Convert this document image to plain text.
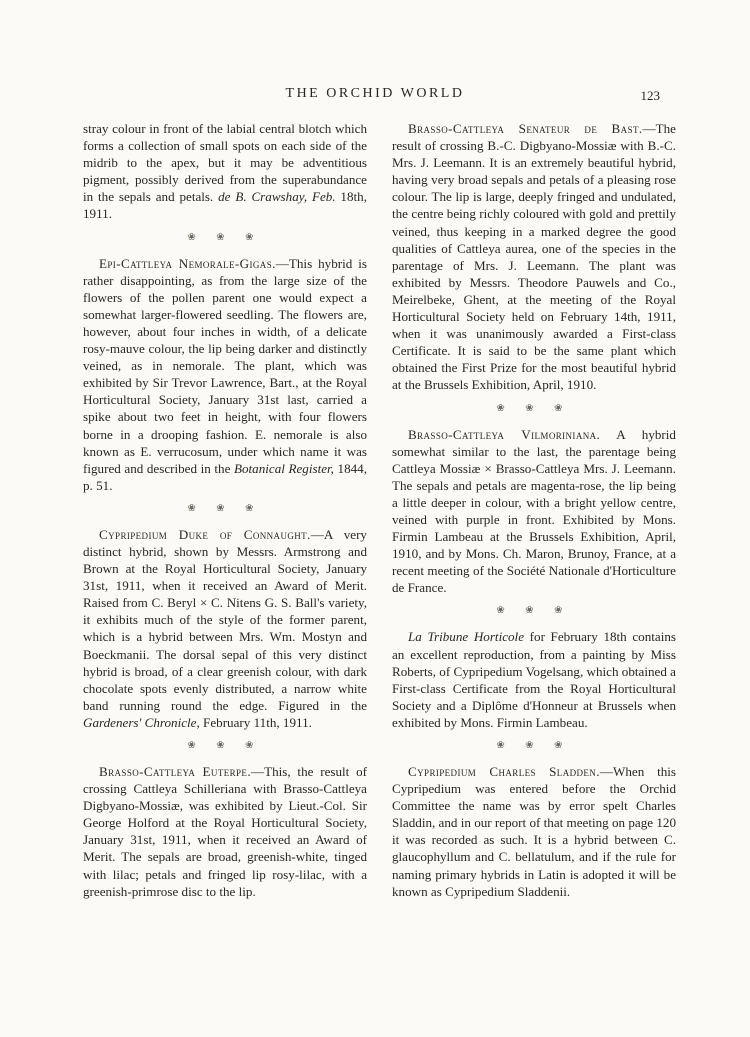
THE ORCHID WORLD	123

stray colour in front of the labial central blotch which forms a collection of small spots on each side of the midrib to the apex, but it may be adventitious pigment, possibly derived from the superabundance in the sepals and petals. de B. Crawshay, Feb. 18th, 1911.

❀ ❀ ❀

Epi-Cattleya Nemorale-Gigas.—This hybrid is rather disappointing, as from the large size of the flowers of the pollen parent one would expect a somewhat larger-flowered seedling. The flowers are, however, about four inches in width, of a delicate rosy-mauve colour, the lip being darker and distinctly veined, as in nemorale. The plant, which was exhibited by Sir Trevor Lawrence, Bart., at the Royal Horticultural Society, January 31st last, carried a spike about two feet in height, with four flowers borne in a drooping fashion. E. nemorale is also known as E. verrucosum, under which name it was figured and described in the Botanical Register, 1844, p. 51.

❀ ❀ ❀

Cypripedium Duke of Connaught.—A very distinct hybrid, shown by Messrs. Armstrong and Brown at the Royal Horticultural Society, January 31st, 1911, when it received an Award of Merit. Raised from C. Beryl × C. Nitens G. S. Ball's variety, it exhibits much of the style of the former parent, which is a hybrid between Mrs. Wm. Mostyn and Boeckmanii. The dorsal sepal of this very distinct hybrid is broad, of a clear greenish colour, with dark chocolate spots evenly distributed, a narrow white band running round the edge. Figured in the Gardeners' Chronicle, February 11th, 1911.

❀ ❀ ❀

Brasso-Cattleya Euterpe.—This, the result of crossing Cattleya Schilleriana with Brasso-Cattleya Digbyano-Mossiæ, was exhibited by Lieut.-Col. Sir George Holford at the Royal Horticultural Society, January 31st, 1911, when it received an Award of Merit. The sepals are broad, greenish-white, tinged with lilac; petals and fringed lip rosy-lilac, with a greenish-primrose disc to the lip.

Brasso-Cattleya Senateur de Bast.—The result of crossing B.-C. Digbyano-Mossiæ with B.-C. Mrs. J. Leemann. It is an extremely beautiful hybrid, having very broad sepals and petals of a pleasing rose colour. The lip is large, deeply fringed and undulated, the centre being richly coloured with gold and prettily veined, thus keeping in a marked degree the good qualities of Cattleya aurea, one of the species in the parentage of Mrs. J. Leemann. The plant was exhibited by Messrs. Theodore Pauwels and Co., Meirelbeke, Ghent, at the meeting of the Royal Horticultural Society held on February 14th, 1911, when it was unanimously awarded a First-class Certificate. It is said to be the same plant which obtained the First Prize for the most beautiful hybrid at the Brussels Exhibition, April, 1910.

❀ ❀ ❀

Brasso-Cattleya Vilmoriniana. A hybrid somewhat similar to the last, the parentage being Cattleya Mossiæ × Brasso-Cattleya Mrs. J. Leemann. The sepals and petals are magenta-rose, the lip being a little deeper in colour, with a bright yellow centre, veined with purple in front. Exhibited by Mons. Firmin Lambeau at the Brussels Exhibition, April, 1910, and by Mons. Ch. Maron, Brunoy, France, at a recent meeting of the Société Nationale d'Horticulture de France.

❀ ❀ ❀

La Tribune Horticole for February 18th contains an excellent reproduction, from a painting by Miss Roberts, of Cypripedium Vogelsang, which obtained a First-class Certificate from the Royal Horticultural Society and a Diplôme d'Honneur at Brussels when exhibited by Mons. Firmin Lambeau.

❀ ❀ ❀

Cypripedium Charles Sladden.—When this Cypripedium was entered before the Orchid Committee the name was by error spelt Charles Sladdin, and in our report of that meeting on page 120 it was recorded as such. It is a hybrid between C. glaucophyllum and C. bellatulum, and if the rule for naming primary hybrids in Latin is adopted it will be known as Cypripedium Sladdenii.
